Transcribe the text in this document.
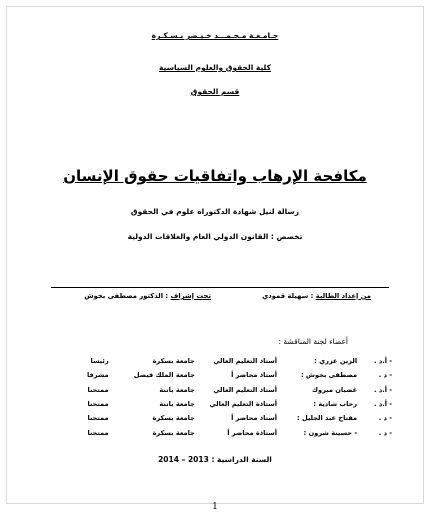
جـامـعـة مـحـمـــد خـيـضر بـسـكـرة
كلية الحقوق والعلوم السياسية
قسم الحقوق
مكافحة الإرهاب واتفاقيات حقوق الإنسان
رسالة لنيل شهادة الدكتوراه علوم في الحقوق
تخصص : القانون الدولي العام والعلاقات الدولية
من إعداد الطالبة : سهيلة قمودي
تحت إشراف : الدكتور مصطفى بخوش
أعضاء لجنة المناقشة :
- أ.د .	الزين عزري :	أستاذ التعليم العالي	جامعة بسكرة	رئيسا
- د .	مصطفى بخوش :	أستاذ محاضر أ	جامعة الملك فيصل	مشرفا
- أ.د .	غضبان مبروك	أستاذ التعليم العالي	جامعة باتنة	ممتحنا
- أ.د .	رحاب شادية :	أستاذة التعليم العالي	جامعة باتنة	ممتحنا
- د .	مفتاح عبد الجليل :	أستاذ محاضر أ	جامعة بسكرة	ممتحنا
- د .	- حسينة شرون :	أستاذة محاضر أ	جامعة بسكرة	ممتحنا
السنة الدراسية : 2013 – 2014
1
